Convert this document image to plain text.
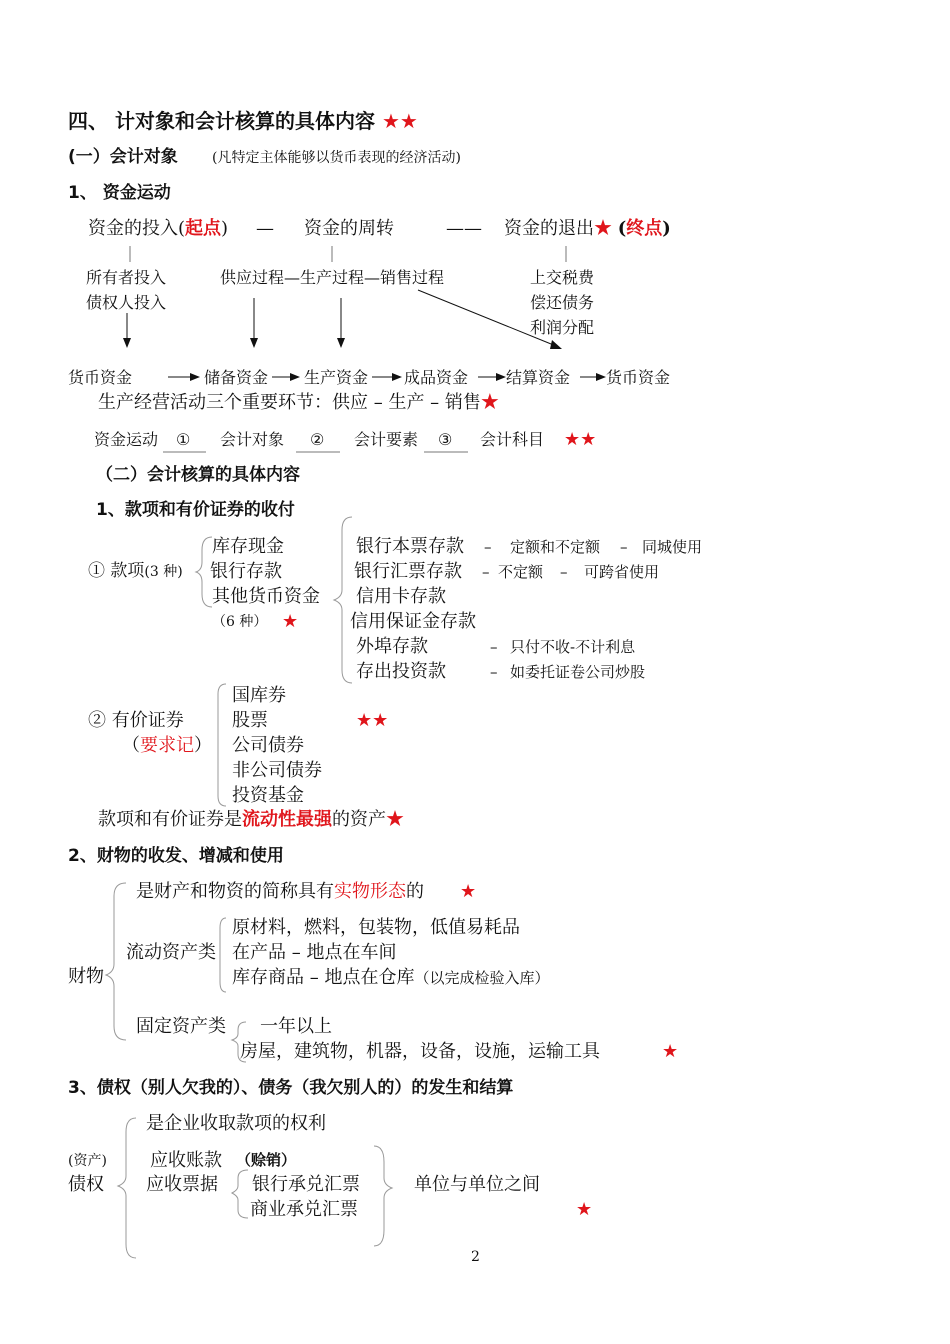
四、 计对象和会计核算的具体内容 ★★
(一）会计对象 (凡特定主体能够以货币表现的经济活动)
1、 资金运动
资金的投入(起点) — 资金的周转	—— 资金的退出★ (终点)
所有者投入
债权人投入
供应过程—生产过程—销售过程	上交税费
偿还债务
利润分配
货币资金	储备资金 生产资金 成品资金 结算资金 货币资金
生产经营活动三个重要环节：供应 – 生产 – 销售★
资金运动 ① 会计对象 ② 会计要素 ③ 会计科目 ★★
（二）会计核算的具体内容
1、款项和有价证券的收付
① 款项(3 种)
库存现金
银行存款
其他货币资金
（6 种） ★
银行本票存款 – 定额和不定额 – 同城使用
银行汇票存款 – 不定额 – 可跨省使用
信用卡存款
信用保证金存款
外埠存款	– 只付不收-不计利息
存出投资款	– 如委托证卷公司炒股
② 有价证券
（要求记）
国库券
股票
公司债券
非公司债券
投资基金
★★
款项和有价证券是流动性最强的资产★
2、财物的收发、增减和使用
是财产和物资的简称具有实物形态的 ★
财物
流动资产类
原材料，燃料，包装物，低值易耗品
在产品 – 地点在车间
库存商品 – 地点在仓库（以完成检验入库）
固定资产类 一年以上
房屋，建筑物，机器，设备，设施，运输工具	★
3、债权（别人欠我的）、债务（我欠别人的）的发生和结算
是企业收取款项的权利
(资产)
债权
应收账款 （赊销）
应收票据 银行承兑汇票
商业承兑汇票
单位与单位之间
★
2
